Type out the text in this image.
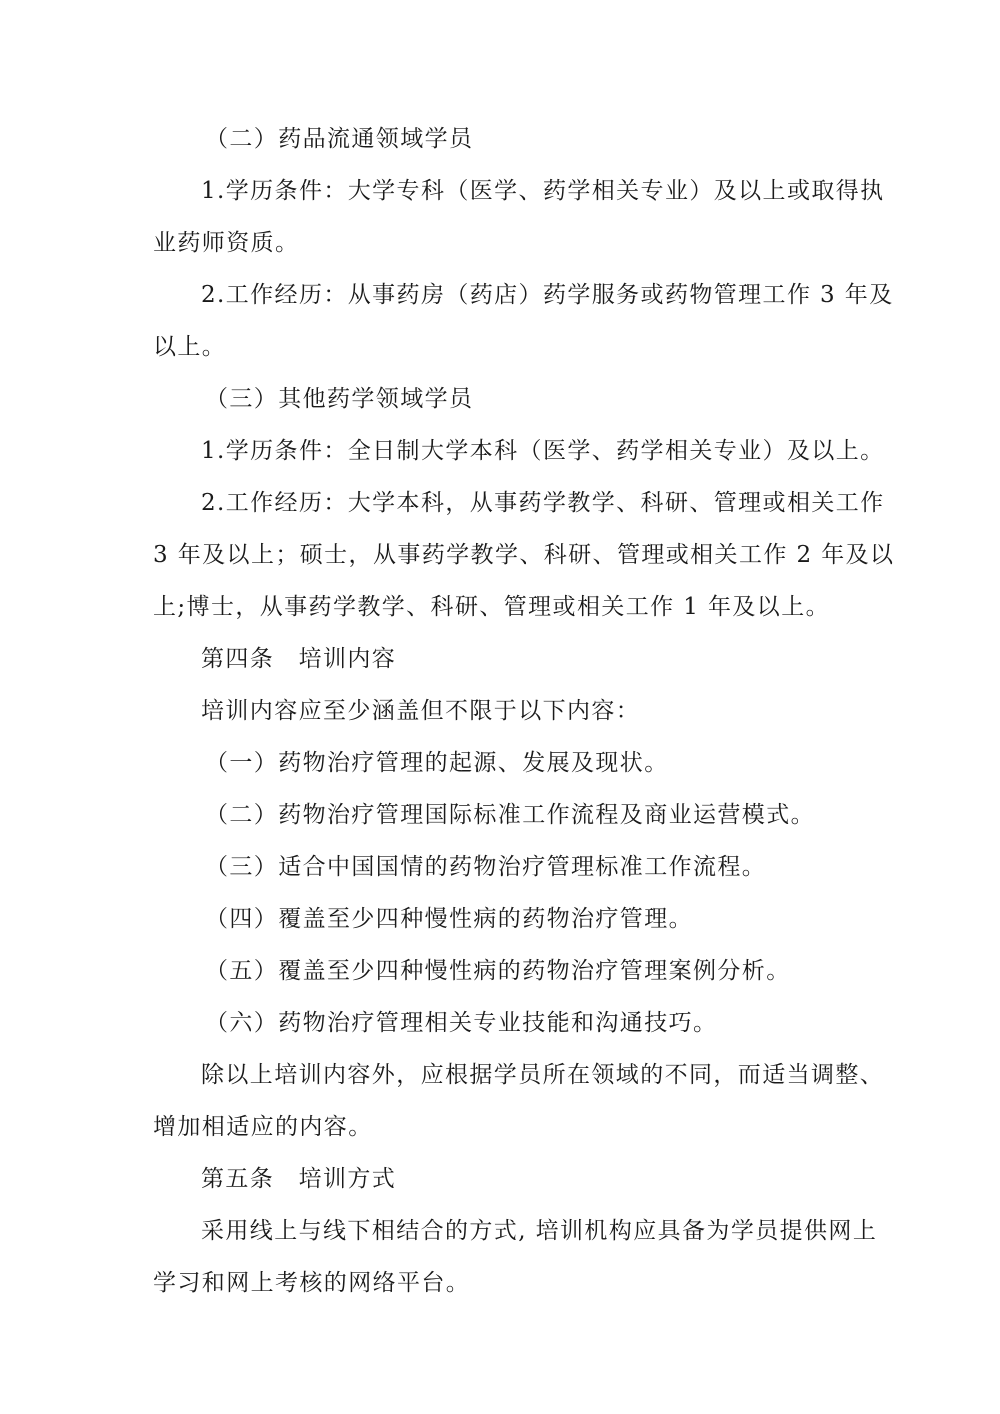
（二）药品流通领域学员
1.学历条件：大学专科（医学、药学相关专业）及以上或取得执
业药师资质。
2.工作经历：从事药房（药店）药学服务或药物管理工作 3 年及
以上。
（三）其他药学领域学员
1.学历条件：全日制大学本科（医学、药学相关专业）及以上。
2.工作经历：大学本科，从事药学教学、科研、管理或相关工作
3 年及以上；硕士，从事药学教学、科研、管理或相关工作 2 年及以
上;博士，从事药学教学、科研、管理或相关工作 1 年及以上。
第四条　培训内容
培训内容应至少涵盖但不限于以下内容：
（一）药物治疗管理的起源、发展及现状。
（二）药物治疗管理国际标准工作流程及商业运营模式。
（三）适合中国国情的药物治疗管理标准工作流程。
（四）覆盖至少四种慢性病的药物治疗管理。
（五）覆盖至少四种慢性病的药物治疗管理案例分析。
（六）药物治疗管理相关专业技能和沟通技巧。
除以上培训内容外，应根据学员所在领域的不同，而适当调整、
增加相适应的内容。
第五条　培训方式
采用线上与线下相结合的方式, 培训机构应具备为学员提供网上
学习和网上考核的网络平台。
